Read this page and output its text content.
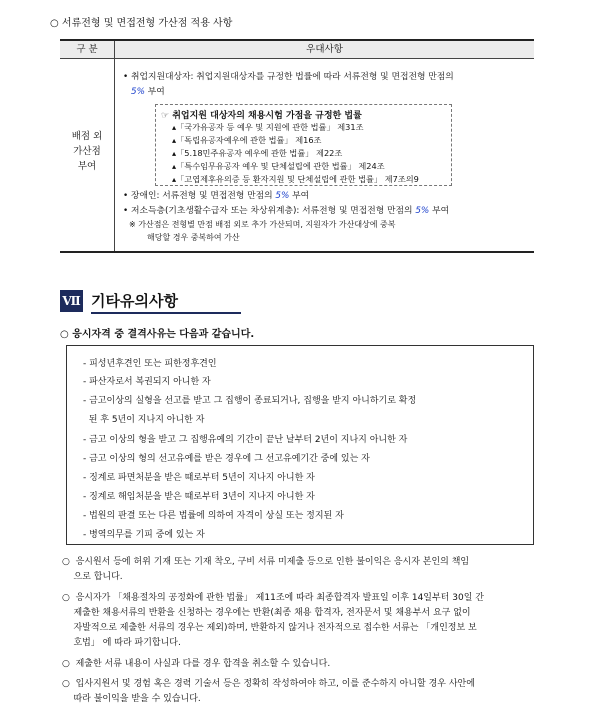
○ 서류전형 및 면접전형 가산점 적용 사항
구 분	우대사항
배점 외
가산점
부여
• 취업지원대상자: 취업지원대상자를 규정한 법률에 따라 서류전형 및 면접전형 만점의
5% 부여
☞ 취업지원 대상자의 채용시험 가점을 규정한 법률
▴「국가유공자 등 예우 및 지원에 관한 법률」 제31조
▴「독립유공자예우에 관한 법률」 제16조
▴「5.18민주유공자 예우에 관한 법률」 제22조
▴「특수임무유공자 예우 및 단체설립에 관한 법률」 제24조
▴「고엽제후유의증 등 환자지원 및 단체설립에 관한 법률」 제7조의9
• 장애인: 서류전형 및 면접전형 만점의 5% 부여
• 저소득층(기초생활수급자 또는 차상위계층): 서류전형 및 면접전형 만점의 5% 부여
※ 가산점은 전형별 만점 배점 외로 추가 가산되며, 지원자가 가산대상에 중복
해당할 경우 중복하여 가산
Ⅶ 기타유의사항
○ 응시자격 중 결격사유는 다음과 같습니다.
- 피성년후견인 또는 피한정후견인
- 파산자로서 복권되지 아니한 자
- 금고이상의 실형을 선고를 받고 그 집행이 종료되거나, 집행을 받지 아니하기로 확정
된 후 5년이 지나지 아니한 자
- 금고 이상의 형을 받고 그 집행유예의 기간이 끝난 날부터 2년이 지나지 아니한 자
- 금고 이상의 형의 선고유예를 받은 경우에 그 선고유예기간 중에 있는 자
- 징계로 파면처분을 받은 때로부터 5년이 지나지 아니한 자
- 징계로 해임처분을 받은 때로부터 3년이 지나지 아니한 자
- 법원의 판결 또는 다른 법률에 의하여 자격이 상실 또는 정지된 자
- 병역의무를 기피 중에 있는 자
○  응시원서 등에 허위 기재 또는 기재 착오, 구비 서류 미제출 등으로 인한 불이익은 응시자 본인의 책임
으로 합니다.
○  응시자가 「채용절차의 공정화에 관한 법률」 제11조에 따라 최종합격자 발표일 이후 14일부터 30일 간
제출한 채용서류의 반환을 신청하는 경우에는 반환(최종 채용 합격자, 전자문서 및 채용부서 요구 없이
자발적으로 제출한 서류의 경우는 제외)하며, 반환하지 않거나 전자적으로 접수한 서류는 「개인정보 보
호법」 에 따라 파기합니다.
○  제출한 서류 내용이 사실과 다를 경우 합격을 취소할 수 있습니다.
○  입사지원서 및 경험 혹은 경력 기술서 등은 정확히 작성하여야 하고, 이를 준수하지 아니할 경우 사안에
따라 불이익을 받을 수 있습니다.
